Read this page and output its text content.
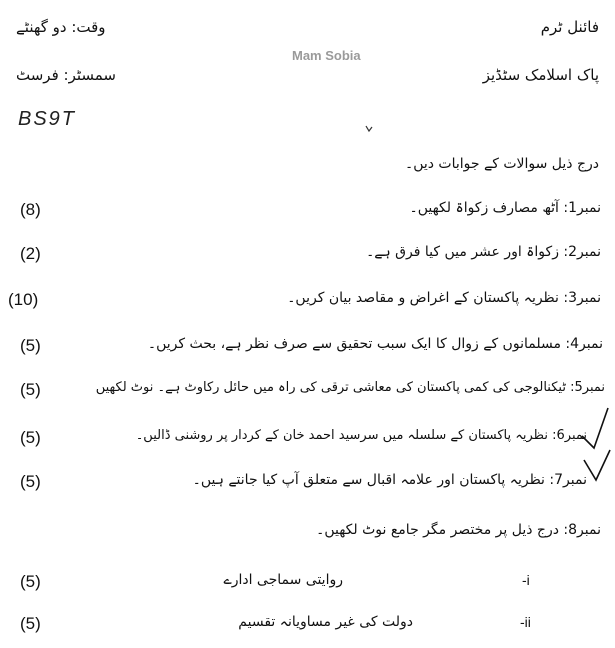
فائنل ٹرم
وقت: دو گھنٹے
Mam Sobia
پاک اسلامک سٹڈیز
سمسٹر: فرسٹ
BS9T
درج ذیل سوالات کے جوابات دیں۔
نمبر1: آٹھ مصارف زکواۃ لکھیں۔
(8)
نمبر2: زکواۃ اور عشر میں کیا فرق ہے۔
(2)
نمبر3: نظریہ پاکستان کے اغراض و مقاصد بیان کریں۔
(10)
نمبر4: مسلمانوں کے زوال کا ایک سبب تحقیق سے صرف نظر ہے، بحث کریں۔
(5)
نمبر5: ٹیکنالوجی کی کمی پاکستان کی معاشی ترقی کی راہ میں حائل رکاوٹ ہے۔ نوٹ لکھیں
(5)
نمبر6: نظریہ پاکستان کے سلسلہ میں سرسید احمد خان کے کردار پر روشنی ڈالیں۔
(5)
نمبر7: نظریہ پاکستان اور علامہ اقبال سے متعلق آپ کیا جانتے ہیں۔
(5)
نمبر8: درج ذیل پر مختصر مگر جامع نوٹ لکھیں۔
روایتی سماجی ادارے	-i
(5)
دولت کی غیر مساویانہ تقسیم	-ii
(5)
